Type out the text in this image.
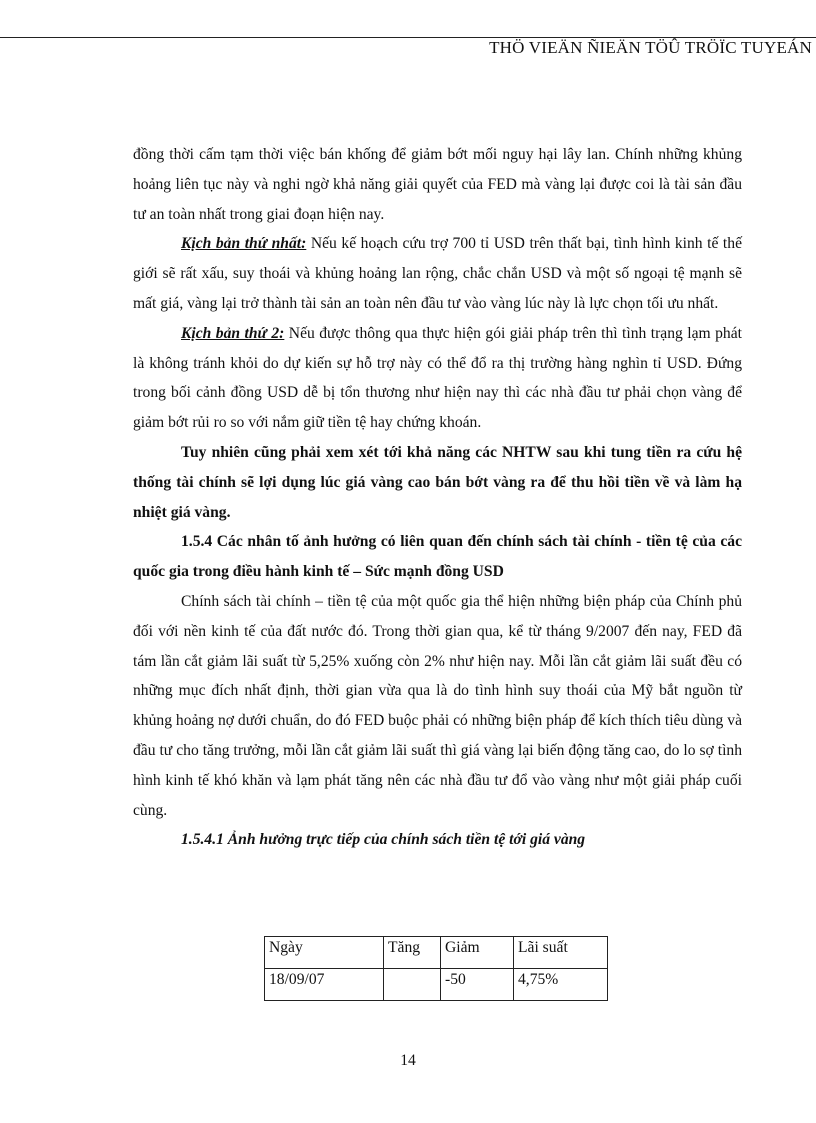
THÖ VIEÄN ÑIEÄN TÖÛ TRÖÏC TUYEÁN

đồng thời cấm tạm thời việc bán khống để giảm bớt mối nguy hại lây lan. Chính những khủng hoảng liên tục này và nghi ngờ khả năng giải quyết của FED mà vàng lại được coi là tài sản đầu tư an toàn nhất trong giai đoạn hiện nay.

Kịch bản thứ nhất: Nếu kế hoạch cứu trợ 700 tỉ USD trên thất bại, tình hình kinh tế thế giới sẽ rất xấu, suy thoái và khủng hoảng lan rộng, chắc chắn USD và một số ngoại tệ mạnh sẽ mất giá, vàng lại trở thành tài sản an toàn nên đầu tư vào vàng lúc này là lực chọn tối ưu nhất.

Kịch bản thứ 2: Nếu được thông qua thực hiện gói giải pháp trên thì tình trạng lạm phát là không tránh khỏi do dự kiến sự hỗ trợ này có thể đổ ra thị trường hàng nghìn tỉ USD. Đứng trong bối cảnh đồng USD dễ bị tổn thương như hiện nay thì các nhà đầu tư phải chọn vàng để giảm bớt rủi ro so với nắm giữ tiền tệ hay chứng khoán.

Tuy nhiên cũng phải xem xét tới khả năng các NHTW sau khi tung tiền ra cứu hệ thống tài chính sẽ lợi dụng lúc giá vàng cao bán bớt vàng ra để thu hồi tiền về và làm hạ nhiệt giá vàng.

1.5.4 Các nhân tố ảnh hưởng có liên quan đến chính sách tài chính - tiền tệ của các quốc gia trong điều hành kinh tế – Sức mạnh đồng USD

Chính sách tài chính – tiền tệ của một quốc gia thể hiện những biện pháp của Chính phủ đối với nền kinh tế của đất nước đó. Trong thời gian qua, kể từ tháng 9/2007 đến nay, FED đã tám lần cắt giảm lãi suất từ 5,25% xuống còn 2% như hiện nay. Mỗi lần cắt giảm lãi suất đều có những mục đích nhất định, thời gian vừa qua là do tình hình suy thoái của Mỹ bắt nguồn từ khủng hoảng nợ dưới chuẩn, do đó FED buộc phải có những biện pháp để kích thích tiêu dùng và đầu tư cho tăng trưởng, mỗi lần cắt giảm lãi suất thì giá vàng lại biến động tăng cao, do lo sợ tình hình kinh tế khó khăn và lạm phát tăng nên các nhà đầu tư đổ vào vàng như một giải pháp cuối cùng.

1.5.4.1 Ảnh hưởng trực tiếp của chính sách tiền tệ tới giá vàng

Ngày	Tăng	Giảm	Lãi suất
18/09/07		-50	4,75%
14
